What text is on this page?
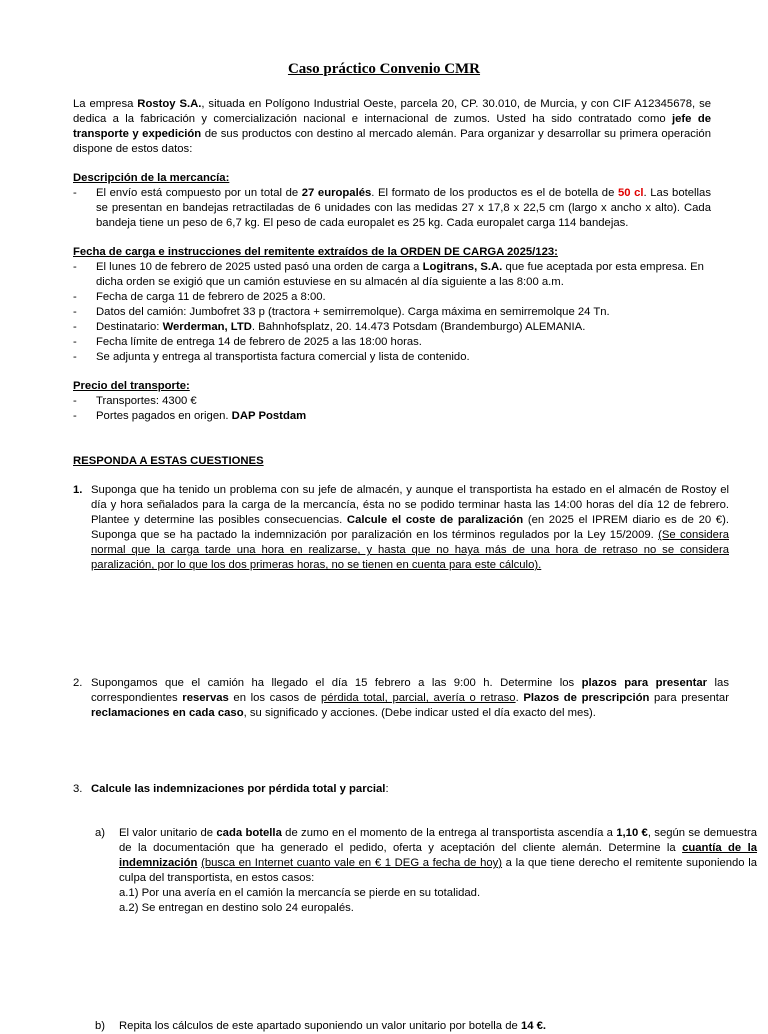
Caso práctico Convenio CMR
La empresa Rostoy S.A., situada en Polígono Industrial Oeste, parcela 20, CP. 30.010, de Murcia, y con CIF A12345678, se dedica a la fabricación y comercialización nacional e internacional de zumos. Usted ha sido contratado como jefe de transporte y expedición de sus productos con destino al mercado alemán. Para organizar y desarrollar su primera operación dispone de estos datos:
Descripción de la mercancía:
- El envío está compuesto por un total de 27 europalés. El formato de los productos es el de botella de 50 cl. Las botellas se presentan en bandejas retractiladas de 6 unidades con las medidas 27 x 17,8 x 22,5 cm (largo x ancho x alto). Cada bandeja tiene un peso de 6,7 kg. El peso de cada europalet es 25 kg. Cada europalet carga 114 bandejas.
Fecha de carga e instrucciones del remitente extraídos de la ORDEN DE CARGA 2025/123:
- El lunes 10 de febrero de 2025 usted pasó una orden de carga a Logitrans, S.A. que fue aceptada por esta empresa. En dicha orden se exigió que un camión estuviese en su almacén al día siguiente a las 8:00 a.m.
- Fecha de carga 11 de febrero de 2025 a 8:00.
- Datos del camión: Jumbofret 33 p (tractora + semirremolque). Carga máxima en semirremolque 24 Tn.
- Destinatario: Werderman, LTD. Bahnhofsplatz, 20. 14.473 Potsdam (Brandemburgo) ALEMANIA.
- Fecha límite de entrega 14 de febrero de 2025 a las 18:00 horas.
- Se adjunta y entrega al transportista factura comercial y lista de contenido.
Precio del transporte:
- Transportes: 4300 €
- Portes pagados en origen. DAP Postdam
RESPONDA A ESTAS CUESTIONES
1. Suponga que ha tenido un problema con su jefe de almacén, y aunque el transportista ha estado en el almacén de Rostoy el día y hora señalados para la carga de la mercancía, ésta no se podido terminar hasta las 14:00 horas del día 12 de febrero. Plantee y determine las posibles consecuencias. Calcule el coste de paralización (en 2025 el IPREM diario es de 20 €). Suponga que se ha pactado la indemnización por paralización en los términos regulados por la Ley 15/2009. (Se considera normal que la carga tarde una hora en realizarse, y hasta que no haya más de una hora de retraso no se considera paralización, por lo que los dos primeras horas, no se tienen en cuenta para este cálculo).
2. Supongamos que el camión ha llegado el día 15 febrero a las 9:00 h. Determine los plazos para presentar las correspondientes reservas en los casos de pérdida total, parcial, avería o retraso. Plazos de prescripción para presentar reclamaciones en cada caso, su significado y acciones. (Debe indicar usted el día exacto del mes).
3. Calcule las indemnizaciones por pérdida total y parcial:
a) El valor unitario de cada botella de zumo en el momento de la entrega al transportista ascendía a 1,10 €, según se demuestra de la documentación que ha generado el pedido, oferta y aceptación del cliente alemán. Determine la cuantía de la indemnización (busca en Internet cuanto vale en € 1 DEG a fecha de hoy) a la que tiene derecho el remitente suponiendo la culpa del transportista, en estos casos:
a.1) Por una avería en el camión la mercancía se pierde en su totalidad.
a.2) Se entregan en destino solo 24 europalés.
b) Repita los cálculos de este apartado suponiendo un valor unitario por botella de 14 €.
